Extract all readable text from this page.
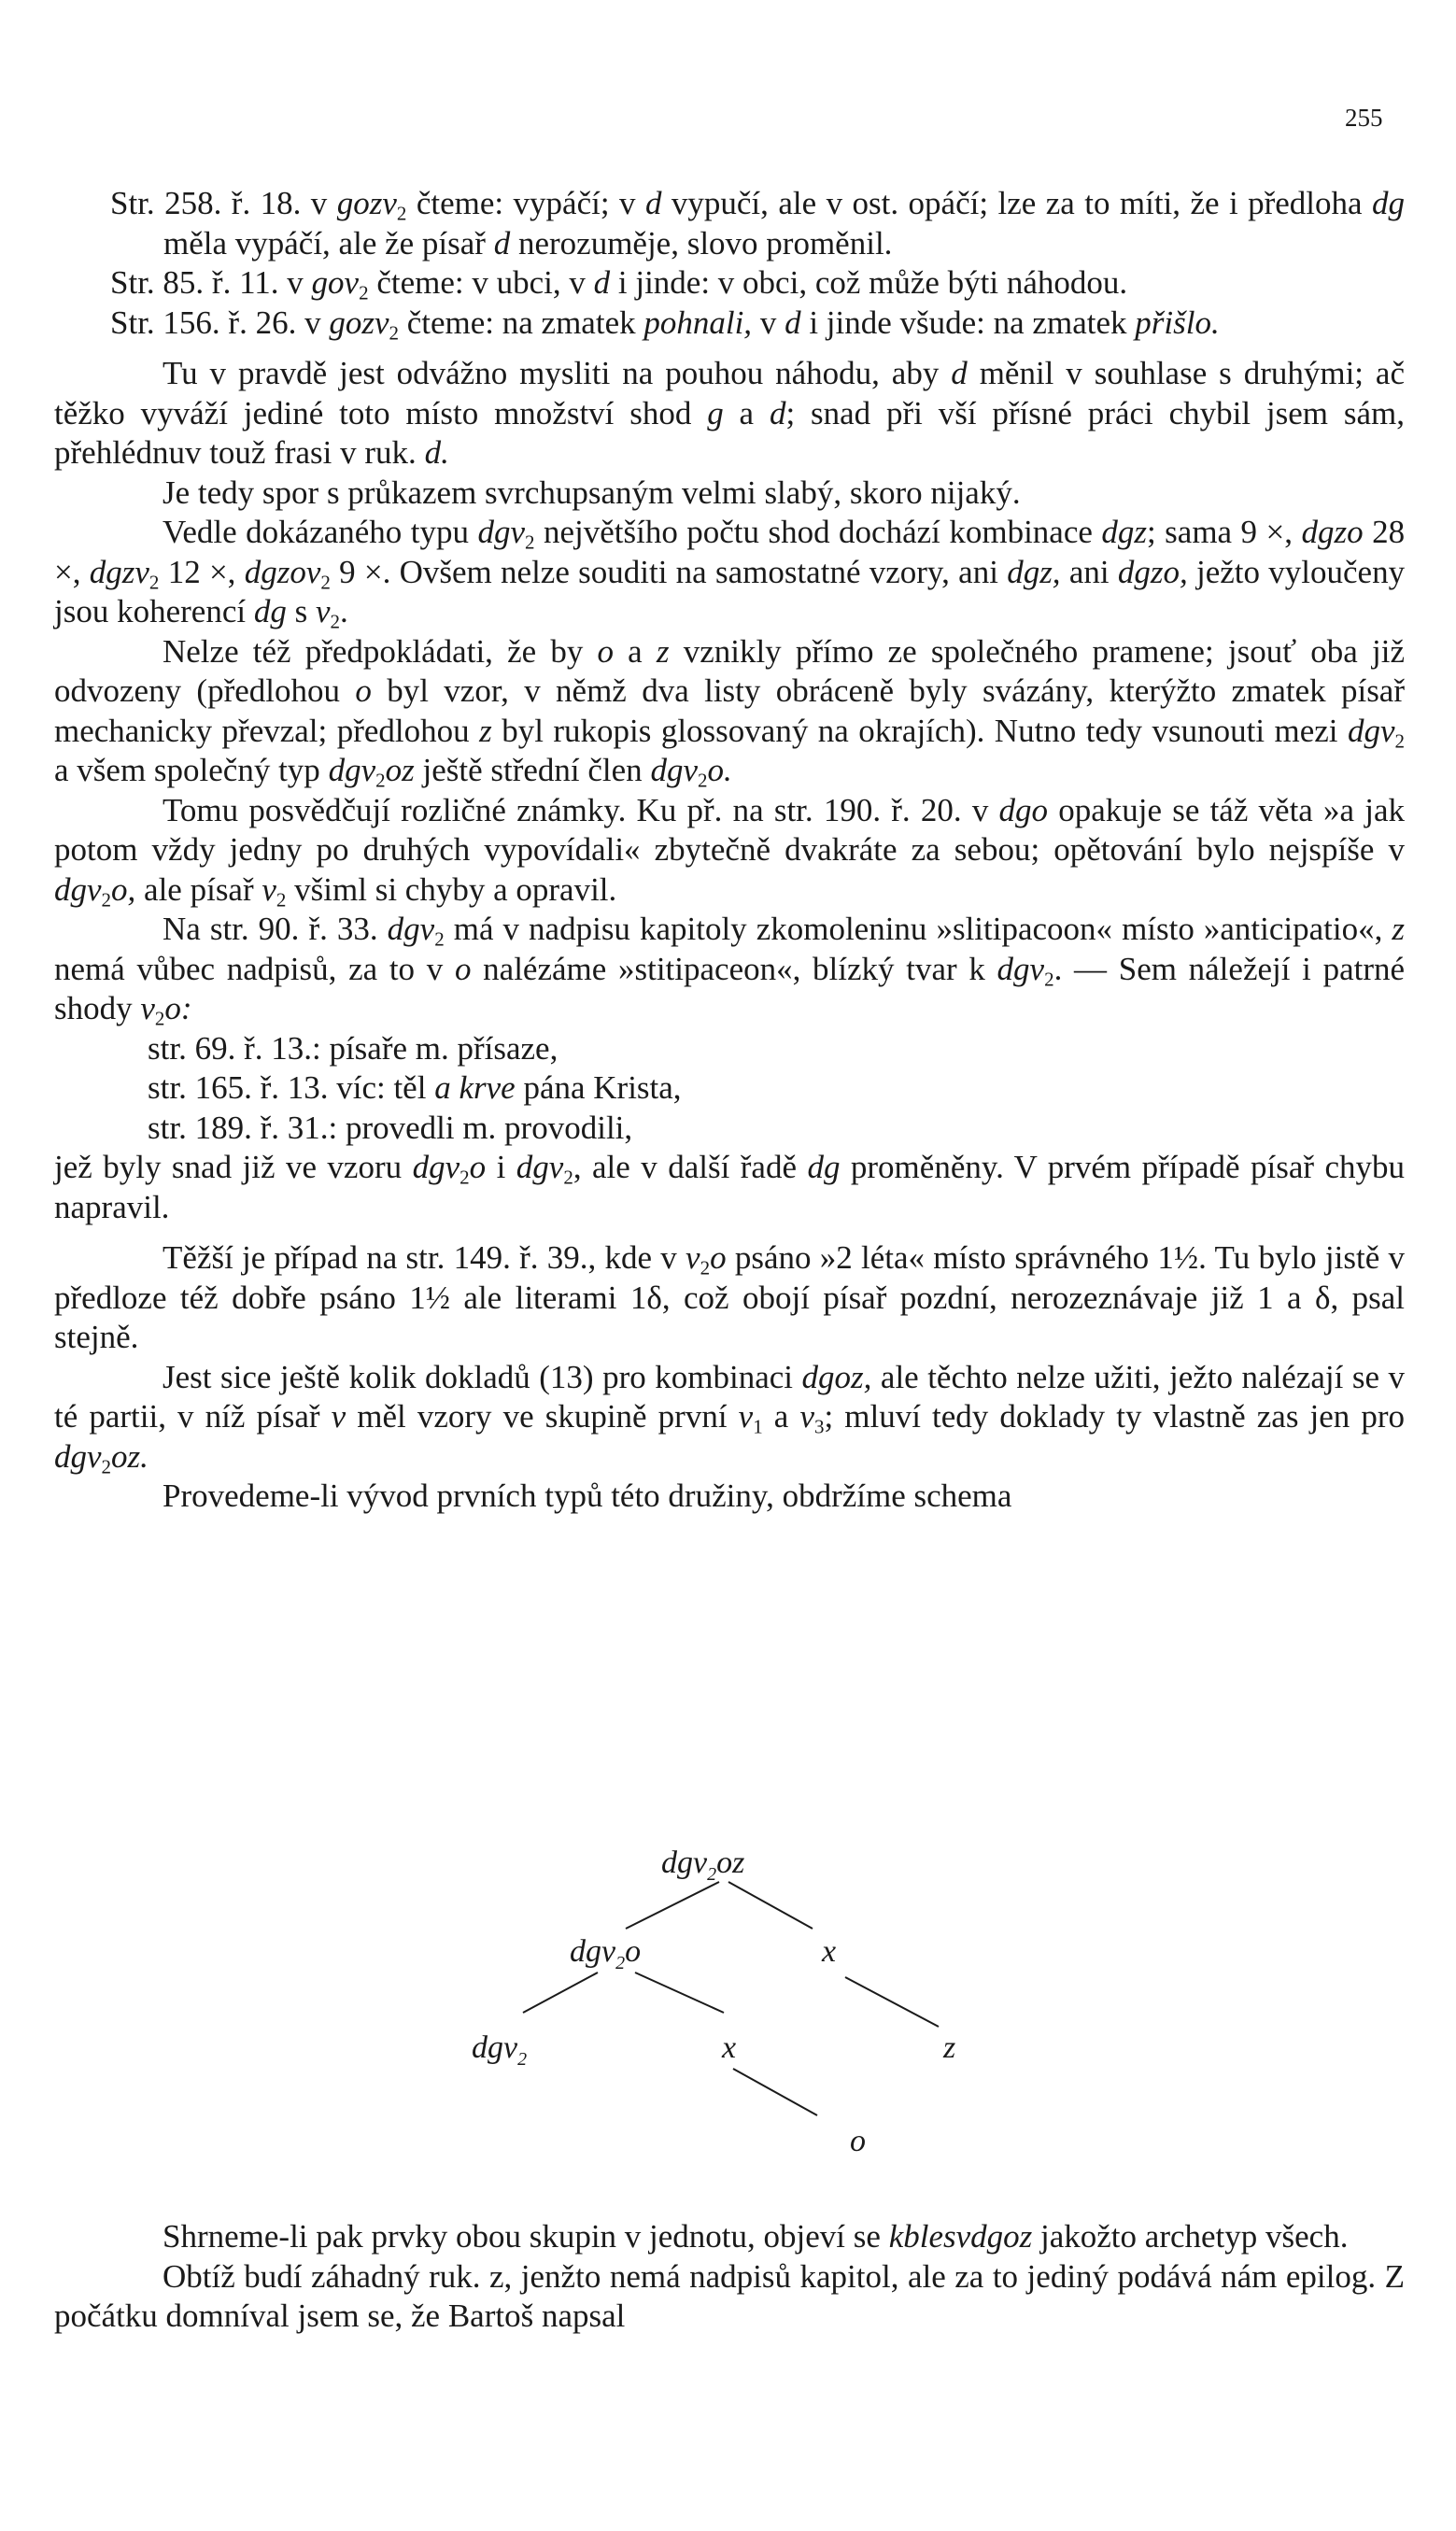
255

Str. 258. ř. 18. v gozv$_2$ čteme: vypáčí; v d vypučí, ale v ost. opáčí; lze za to míti, že i předloha dg měla vypáčí, ale že písař d nerozuměje, slovo proměnil.

Str. 85. ř. 11. v gov$_2$ čteme: v ubci, v d i jinde: v obci, což může býti náhodou.

Str. 156. ř. 26. v gozv$_2$ čteme: na zmatek pohnali, v d i jinde všude: na zmatek přišlo.

Tu v pravdě jest odvážno mysliti na pouhou náhodu, aby d měnil v souhlase s druhými; ač těžko vyváží jediné toto místo množství shod g a d; snad při vší přísné práci chybil jsem sám, přehlédnuv touž frasi v ruk. d.

Je tedy spor s průkazem svrchupsaným velmi slabý, skoro nijaký.

Vedle dokázaného typu dgv$_2$ největšího počtu shod dochází kombinace dgz; sama 9 ×, dgzo 28 ×, dgzv$_2$ 12 ×, dgzov$_2$ 9 ×. Ovšem nelze souditi na samostatné vzory, ani dgz, ani dgzo, ježto vyloučeny jsou koherencí dg s $v_2$.

Nelze též předpokládati, že by o a z vznikly přímo ze společného pramene; jsouť oba již odvozeny (předlohou o byl vzor, v němž dva listy obráceně byly svázány, kterýžto zmatek písař mechanicky převzal; předlohou z byl rukopis glossovaný na okrajích). Nutno tedy vsunouti mezi dgv$_2$ a všem společný typ dgv$_2$oz ještě střední člen dgv$_2$o.

Tomu posvědčují rozličné známky. Ku př. na str. 190. ř. 20. v dgo opakuje se táž věta »a jak potom vždy jedny po druhých vypovídali« zbytečně dvakráte za sebou; opětování bylo nejspíše v dgv$_2$o, ale písař $v_2$ všiml si chyby a opravil.

Na str. 90. ř. 33. dgv$_2$ má v nadpisu kapitoly zkomoleninu »slitipacoon« místo »anticipatio«, z nemá vůbec nadpisů, za to v o nalézáme »stitipaceon«, blízký tvar k dgv$_2$. — Sem náležejí i patrné shody $v_2o$:

str. 69. ř. 13.: písaře m. přísaze,

str. 165. ř. 13. víc: těl a krve pána Krista,

str. 189. ř. 31.: provedli m. provodili,

jež byly snad již ve vzoru dgv$_2$o i dgv$_2$, ale v další řadě dg proměněny. V prvém případě písař chybu napravil.

Těžší je případ na str. 149. ř. 39., kde v $v_2o$ psáno »2 léta« místo správného 1½. Tu bylo jistě v předloze též dobře psáno 1½ ale literami 1δ, což obojí písař pozdní, nerozeznávaje již 1 a δ, psal stejně.

Jest sice ještě kolik dokladů (13) pro kombinaci dgoz, ale těchto nelze užiti, ježto nalézají se v té partii, v níž písař v měl vzory ve skupině první $v_1$ a $v_3$; mluví tedy doklady ty vlastně zas jen pro dgv$_2$oz.

Provedeme-li vývod prvních typů této družiny, obdržíme schema

dgv$_2$oz
dgv$_2$o	x
dgv$_2$	x	z
o

Shrneme-li pak prvky obou skupin v jednotu, objeví se kblesvdgoz jakožto archetyp všech.

Obtíž budí záhadný ruk. z, jenžto nemá nadpisů kapitol, ale za to jediný podává nám epilog. Z počátku domníval jsem se, že Bartoš napsal
